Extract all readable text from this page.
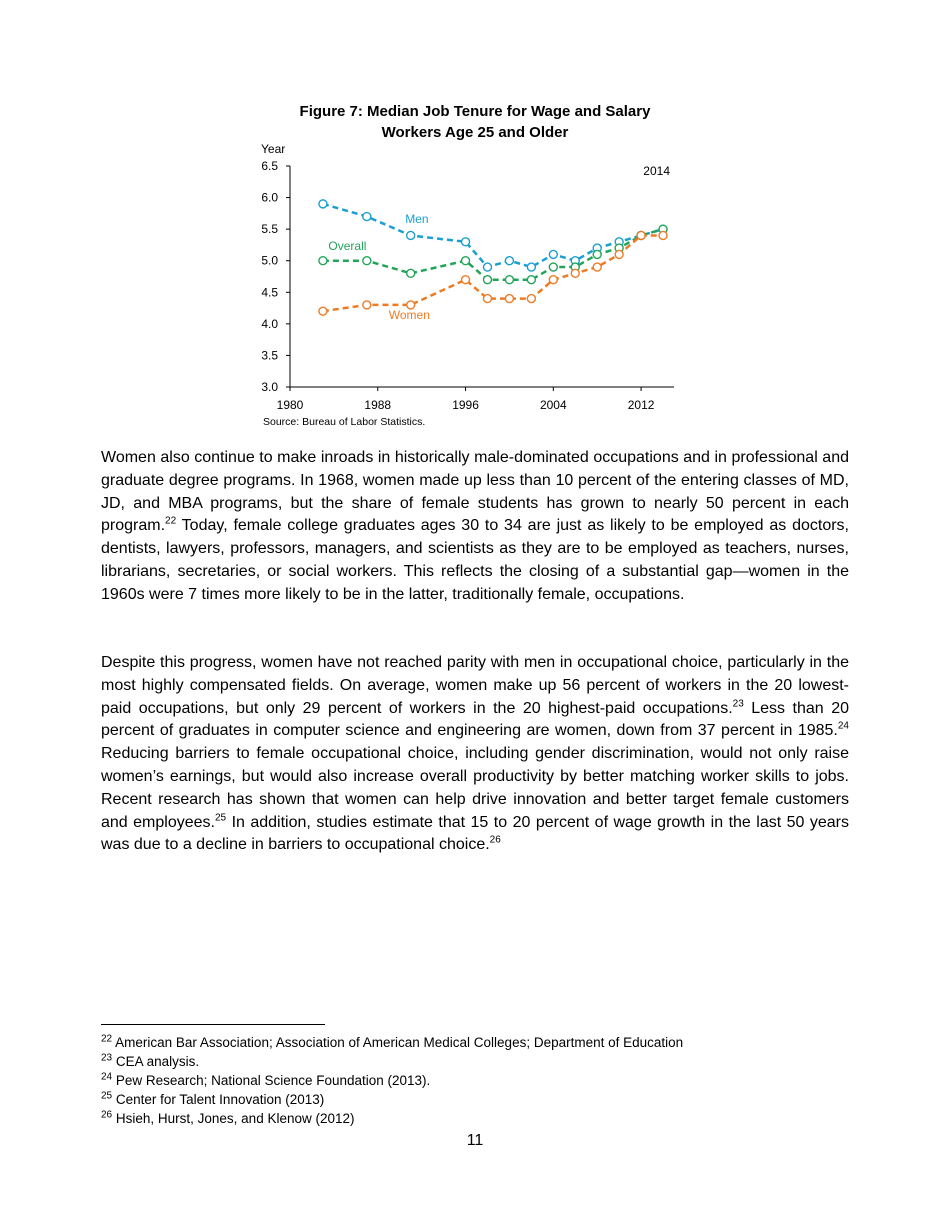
Figure 7: Median Job Tenure for Wage and Salary
Workers Age 25 and Older
Year
3.0
3.5
4.0
4.5
5.0
5.5
6.0
6.5
1980	1988	1996	2004	2012
2014
Men
Overall
Women
Source: Bureau of Labor Statistics.

Women also continue to make inroads in historically male-dominated occupations and in professional and graduate degree programs. In 1968, women made up less than 10 percent of the entering classes of MD, JD, and MBA programs, but the share of female students has grown to nearly 50 percent in each program.$^{22}$ Today, female college graduates ages 30 to 34 are just as likely to be employed as doctors, dentists, lawyers, professors, managers, and scientists as they are to be employed as teachers, nurses, librarians, secretaries, or social workers. This reflects the closing of a substantial gap—women in the 1960s were 7 times more likely to be in the latter, traditionally female, occupations.

Despite this progress, women have not reached parity with men in occupational choice, particularly in the most highly compensated fields. On average, women make up 56 percent of workers in the 20 lowest-paid occupations, but only 29 percent of workers in the 20 highest-paid occupations.$^{23}$ Less than 20 percent of graduates in computer science and engineering are women, down from 37 percent in 1985.24 Reducing barriers to female occupational choice, including gender discrimination, would not only raise women’s earnings, but would also increase overall productivity by better matching worker skills to jobs. Recent research has shown that women can help drive innovation and better target female customers and employees.$^{25}$ In addition, studies estimate that 15 to 20 percent of wage growth in the last 50 years was due to a decline in barriers to occupational choice.$^{26}$

$^{22}$ American Bar Association; Association of American Medical Colleges; Department of Education
$^{23}$ CEA analysis.
$^{24}$ Pew Research; National Science Foundation (2013).
$^{25}$ Center for Talent Innovation (2013)
$^{26}$ Hsieh, Hurst, Jones, and Klenow (2012)
11
